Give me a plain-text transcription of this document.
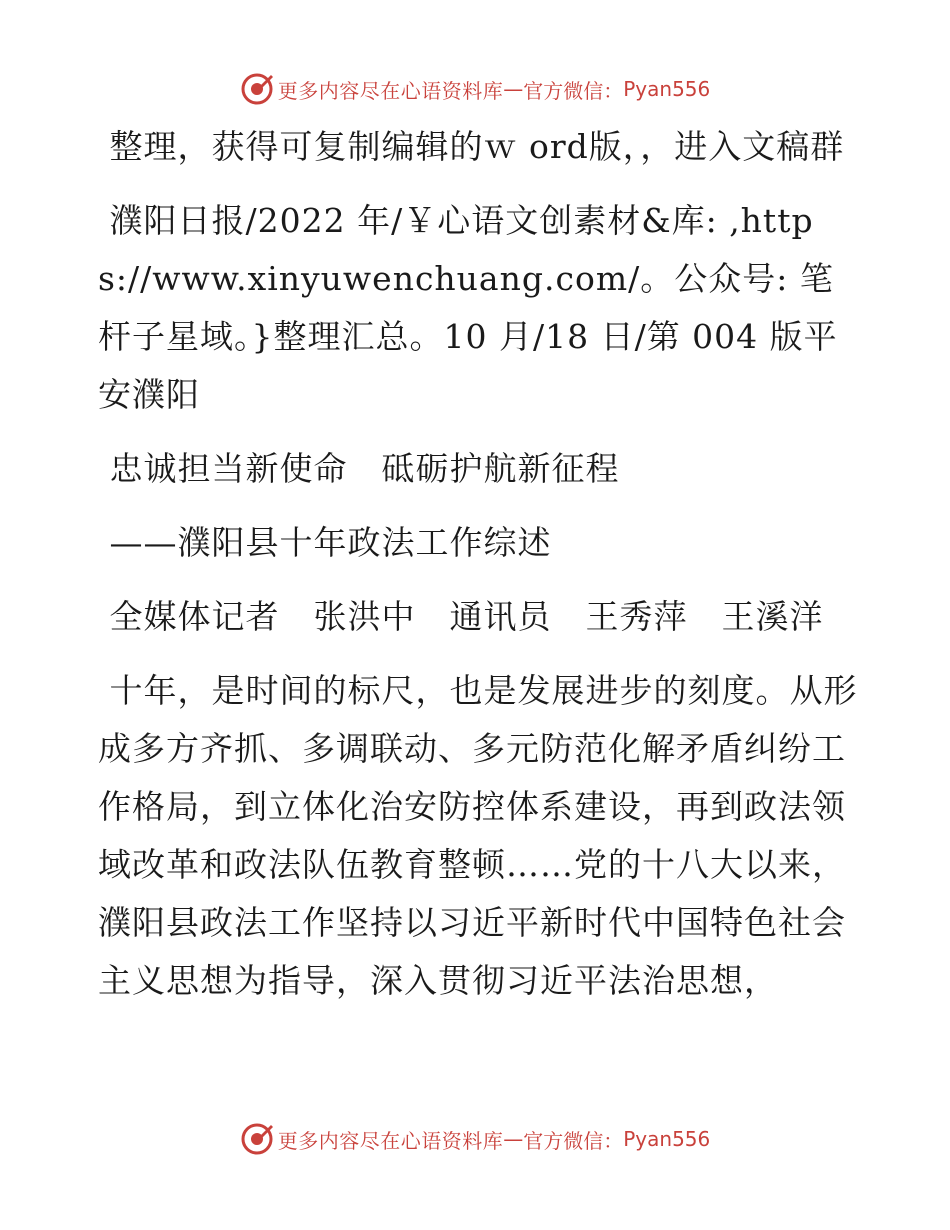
更多内容尽在心语资料库 — 官方微信： Pyan556

整理，获得可复制编辑的ｗ ord版，，进入文稿群

濮阳日报/2022 年/￥心语文创素材&库: ,https://www.xinyuwenchuang.com/。公众号: 笔杆子星域。}整理汇总。10 月/18 日/第 004 版平安濮阳

忠诚担当新使命　砥砺护航新征程

——濮阳县十年政法工作综述

全媒体记者　张洪中　通讯员　王秀萍　王溪洋

十年，是时间的标尺，也是发展进步的刻度。从形成多方齐抓、多调联动、多元防范化解矛盾纠纷工作格局，到立体化治安防控体系建设，再到政法领域改革和政法队伍教育整顿……党的十八大以来，濮阳县政法工作坚持以习近平新时代中国特色社会主义思想为指导，深入贯彻习近平法治思想，

更多内容尽在心语资料库 — 官方微信： Pyan556
